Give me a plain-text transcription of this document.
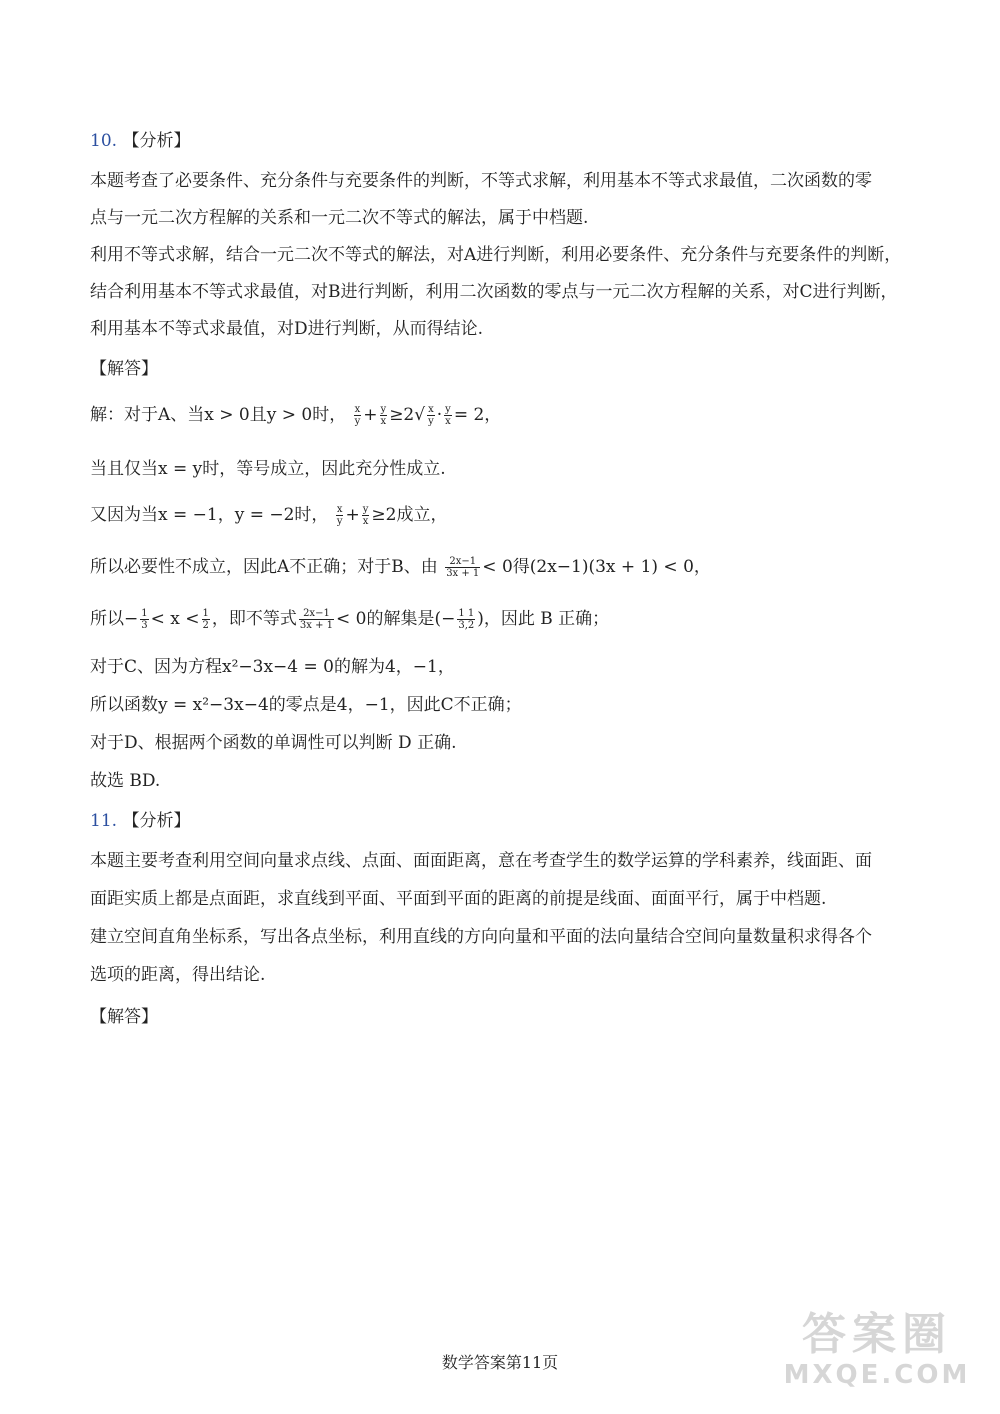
10. 【分析】
本题考查了必要条件、充分条件与充要条件的判断，不等式求解，利用基本不等式求最值，二次函数的零
点与一元二次方程解的关系和一元二次不等式的解法，属于中档题.
利用不等式求解，结合一元二次不等式的解法，对A进行判断，利用必要条件、充分条件与充要条件的判断，
结合利用基本不等式求最值，对B进行判断，利用二次函数的零点与一元二次方程解的关系，对C进行判断，
利用基本不等式求最值，对D进行判断，从而得结论.
【解答】
解：对于A、当x > 0且y > 0时， $\frac{x}{y} + \frac{y}{x} \ge 2√ \frac{x}{y} \cdot \frac{y}{x} = 2$，
当且仅当x = y时，等号成立，因此充分性成立.
又因为当x = −1，y = −2时， $\frac{x}{y} + \frac{y}{x} \ge 2$成立，
所以必要性不成立，因此A不正确；对于B、由 $\frac{2x-1}{3x + 1} < 0$得(2x−1)(3x + 1) < 0，
所以− $\frac{1}{3} < x < \frac{1}{2}$ ，即不等式 $\frac{2x-1}{3x + 1} < 0$的解集是(− $\frac{1 1}{3,2}$ )，因此 B 正确；
对于C、因为方程x²−3x−4 = 0的解为4，−1，
所以函数y = x²−3x−4的零点是4，−1，因此C不正确；
对于D、根据两个函数的单调性可以判断 D 正确.
故选 BD.
11. 【分析】
本题主要考查利用空间向量求点线、点面、面面距离，意在考查学生的数学运算的学科素养，线面距、面
面距实质上都是点面距，求直线到平面、平面到平面的距离的前提是线面、面面平行，属于中档题.
建立空间直角坐标系，写出各点坐标，利用直线的方向向量和平面的法向量结合空间向量数量积求得各个
选项的距离，得出结论.
【解答】
数学答案第11页
答案圈
MXQE.COM
